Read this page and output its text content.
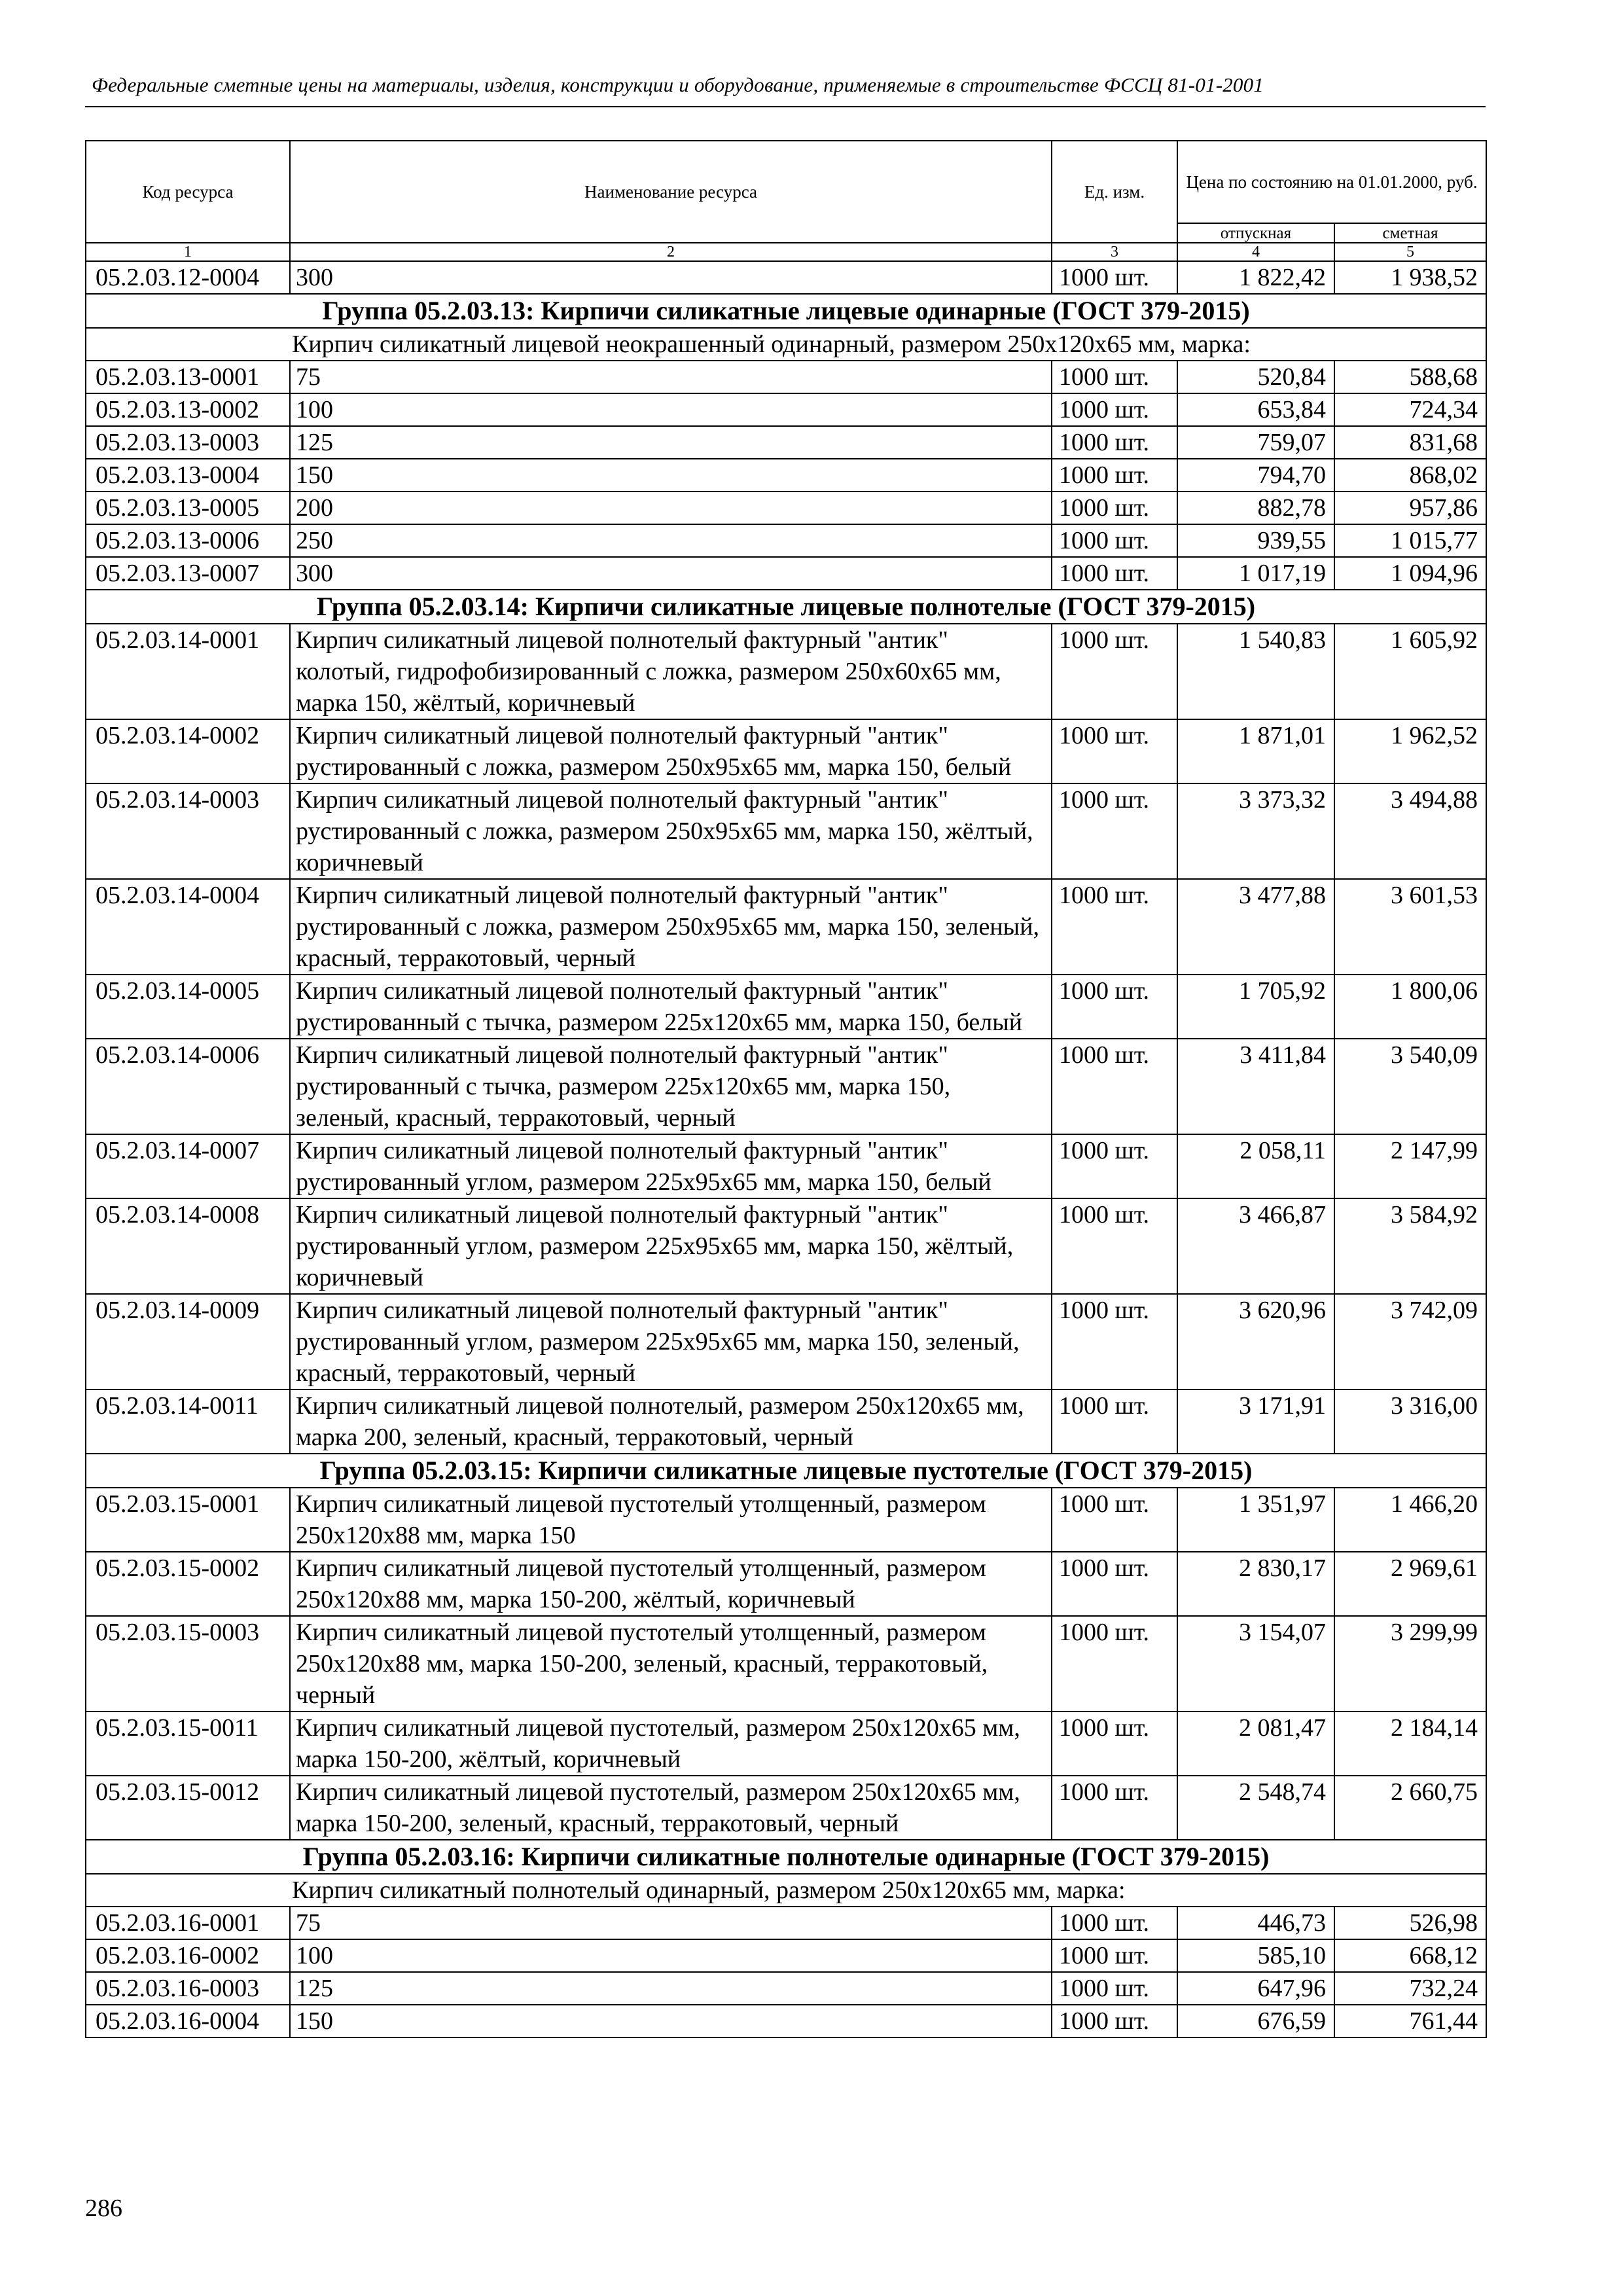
Федеральные сметные цены на материалы, изделия, конструкции и оборудование, применяемые в строительстве ФССЦ 81-01-2001
Код ресурса	Наименование ресурса	Ед. изм.	Цена по состоянию на 01.01.2000, руб.	
			отпускная	сметная
1	2	3	4	5
05.2.03.12-0004	300	1000 шт.	1 822,42	1 938,52
Группа 05.2.03.13: Кирпичи силикатные лицевые одинарные (ГОСТ 379-2015)				

Кирпич силикатный лицевой неокрашенный одинарный, размером 250х120х65 мм, марка:				

05.2.03.13-0001	75	1000 шт.	520,84	588,68
05.2.03.13-0002	100	1000 шт.	653,84	724,34
05.2.03.13-0003	125	1000 шт.	759,07	831,68
05.2.03.13-0004	150	1000 шт.	794,70	868,02
05.2.03.13-0005	200	1000 шт.	882,78	957,86
05.2.03.13-0006	250	1000 шт.	939,55	1 015,77
05.2.03.13-0007	300	1000 шт.	1 017,19	1 094,96
Группа 05.2.03.14: Кирпичи силикатные лицевые полнотелые (ГОСТ 379-2015)				
05.2.03.14-0001	Кирпич силикатный лицевой полнотелый фактурный "антик" колотый, гидрофобизированный с ложка, размером 250х60х65 мм, марка 150, жёлтый, коричневый	1000 шт.	1 540,83	1 605,92
05.2.03.14-0002	Кирпич силикатный лицевой полнотелый фактурный "антик" рустированный с ложка, размером 250х95х65 мм, марка 150, белый	1000 шт.	1 871,01	1 962,52
05.2.03.14-0003	Кирпич силикатный лицевой полнотелый фактурный "антик" рустированный с ложка, размером 250х95х65 мм, марка 150, жёлтый, коричневый	1000 шт.	3 373,32	3 494,88
05.2.03.14-0004	Кирпич силикатный лицевой полнотелый фактурный "антик" рустированный с ложка, размером 250х95х65 мм, марка 150, зеленый, красный, терракотовый, черный	1000 шт.	3 477,88	3 601,53
05.2.03.14-0005	Кирпич силикатный лицевой полнотелый фактурный "антик" рустированный с тычка, размером 225х120х65 мм, марка 150, белый	1000 шт.	1 705,92	1 800,06
05.2.03.14-0006	Кирпич силикатный лицевой полнотелый фактурный "антик" рустированный с тычка, размером 225х120х65 мм, марка 150, зеленый, красный, терракотовый, черный	1000 шт.	3 411,84	3 540,09
05.2.03.14-0007	Кирпич силикатный лицевой полнотелый фактурный "антик" рустированный углом, размером 225х95х65 мм, марка 150, белый	1000 шт.	2 058,11	2 147,99
05.2.03.14-0008	Кирпич силикатный лицевой полнотелый фактурный "антик" рустированный углом, размером 225х95х65 мм, марка 150, жёлтый, коричневый	1000 шт.	3 466,87	3 584,92
05.2.03.14-0009	Кирпич силикатный лицевой полнотелый фактурный "антик" рустированный углом, размером 225х95х65 мм, марка 150, зеленый, красный, терракотовый, черный	1000 шт.	3 620,96	3 742,09
05.2.03.14-0011	Кирпич силикатный лицевой полнотелый, размером 250х120х65 мм, марка 200, зеленый, красный, терракотовый, черный	1000 шт.	3 171,91	3 316,00
Группа 05.2.03.15: Кирпичи силикатные лицевые пустотелые (ГОСТ 379-2015)				
05.2.03.15-0001	Кирпич силикатный лицевой пустотелый утолщенный, размером 250х120х88 мм, марка 150	1000 шт.	1 351,97	1 466,20
05.2.03.15-0002	Кирпич силикатный лицевой пустотелый утолщенный, размером 250х120х88 мм, марка 150-200, жёлтый, коричневый	1000 шт.	2 830,17	2 969,61
05.2.03.15-0003	Кирпич силикатный лицевой пустотелый утолщенный, размером 250х120х88 мм, марка 150-200, зеленый, красный, терракотовый, черный	1000 шт.	3 154,07	3 299,99
05.2.03.15-0011	Кирпич силикатный лицевой пустотелый, размером 250х120х65 мм, марка 150-200, жёлтый, коричневый	1000 шт.	2 081,47	2 184,14
05.2.03.15-0012	Кирпич силикатный лицевой пустотелый, размером 250х120х65 мм, марка 150-200, зеленый, красный, терракотовый, черный	1000 шт.	2 548,74	2 660,75
Группа 05.2.03.16: Кирпичи силикатные полнотелые одинарные (ГОСТ 379-2015)				

Кирпич силикатный полнотелый одинарный, размером 250х120х65 мм, марка:				

05.2.03.16-0001	75	1000 шт.	446,73	526,98
05.2.03.16-0002	100	1000 шт.	585,10	668,12
05.2.03.16-0003	125	1000 шт.	647,96	732,24
05.2.03.16-0004	150	1000 шт.	676,59	761,44
286
